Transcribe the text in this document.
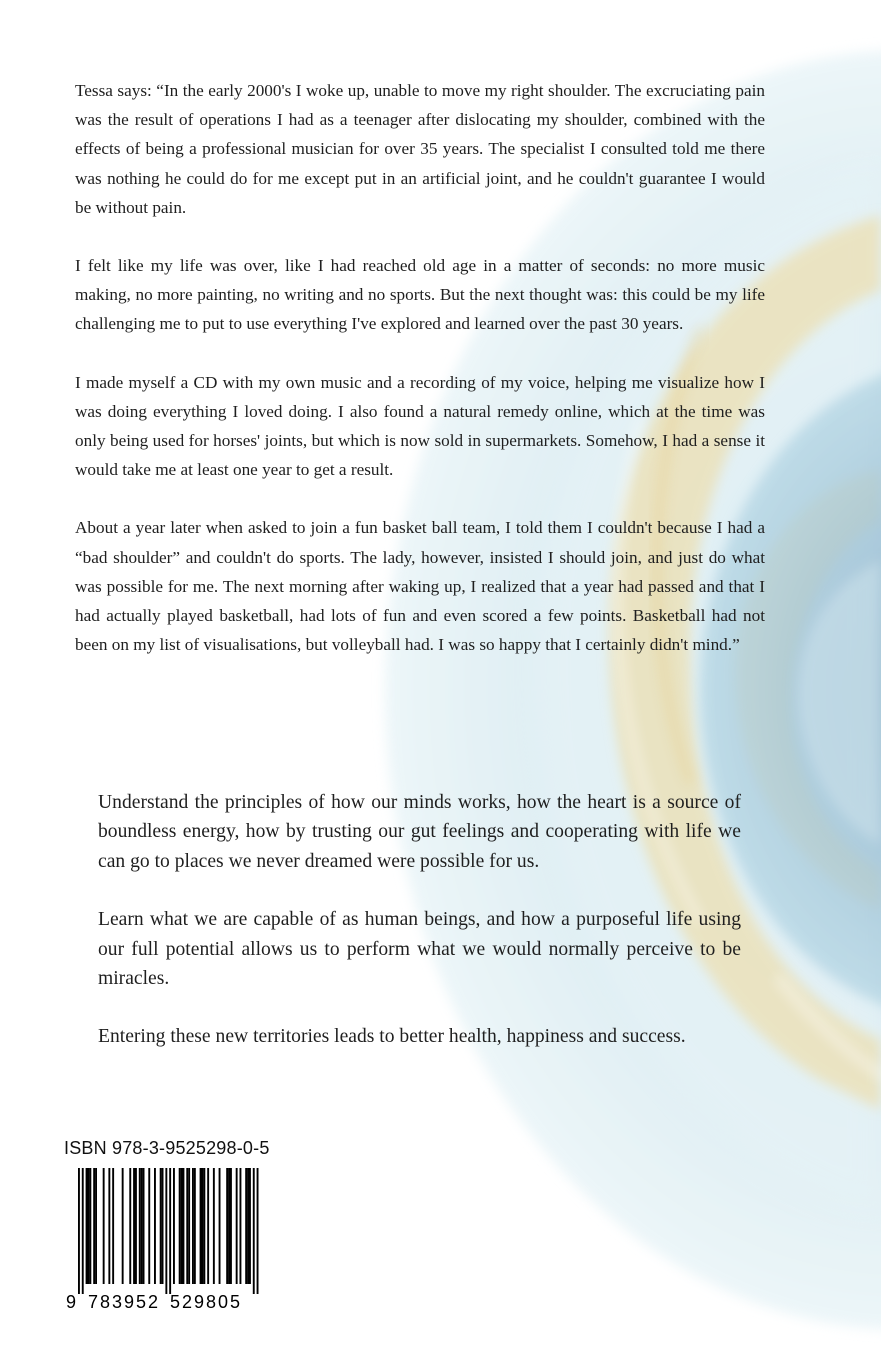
Tessa says: “In the early 2000's I woke up, unable to move my right shoulder. The excruciating pain was the result of operations I had as a teenager after dislocating my shoulder, combined with the effects of being a professional musician for over 35 years. The specialist I consulted told me there was nothing he could do for me except put in an artificial joint, and he couldn't guarantee I would be without pain.

I felt like my life was over, like I had reached old age in a matter of seconds: no more music making, no more painting, no writing and no sports. But the next thought was: this could be my life challenging me to put to use everything I've explored and learned over the past 30 years.

I made myself a CD with my own music and a recording of my voice, helping me visualize how I was doing everything I loved doing. I also found a natural remedy online, which at the time was only being used for horses' joints, but which is now sold in supermarkets. Somehow, I had a sense it would take me at least one year to get a result.

About a year later when asked to join a fun basket ball team, I told them I couldn't because I had a “bad shoulder” and couldn't do sports. The lady, however, insisted I should join, and just do what was possible for me. The next morning after waking up, I realized that a year had passed and that I had actually played basketball, had lots of fun and even scored a few points. Basketball had not been on my list of visualisations, but volleyball had. I was so happy that I certainly didn't mind.”

Understand the principles of how our minds works, how the heart is a source of boundless energy, how by trusting our gut feelings and cooperating with life we can go to places we never dreamed were possible for us.

Learn what we are capable of as human beings, and how a purposeful life using our full potential allows us to perform what we would normally perceive to be miracles.

Entering these new territories leads to better health, happiness and success.

ISBN 978-3-9525298-0-5
9 783952 529805
